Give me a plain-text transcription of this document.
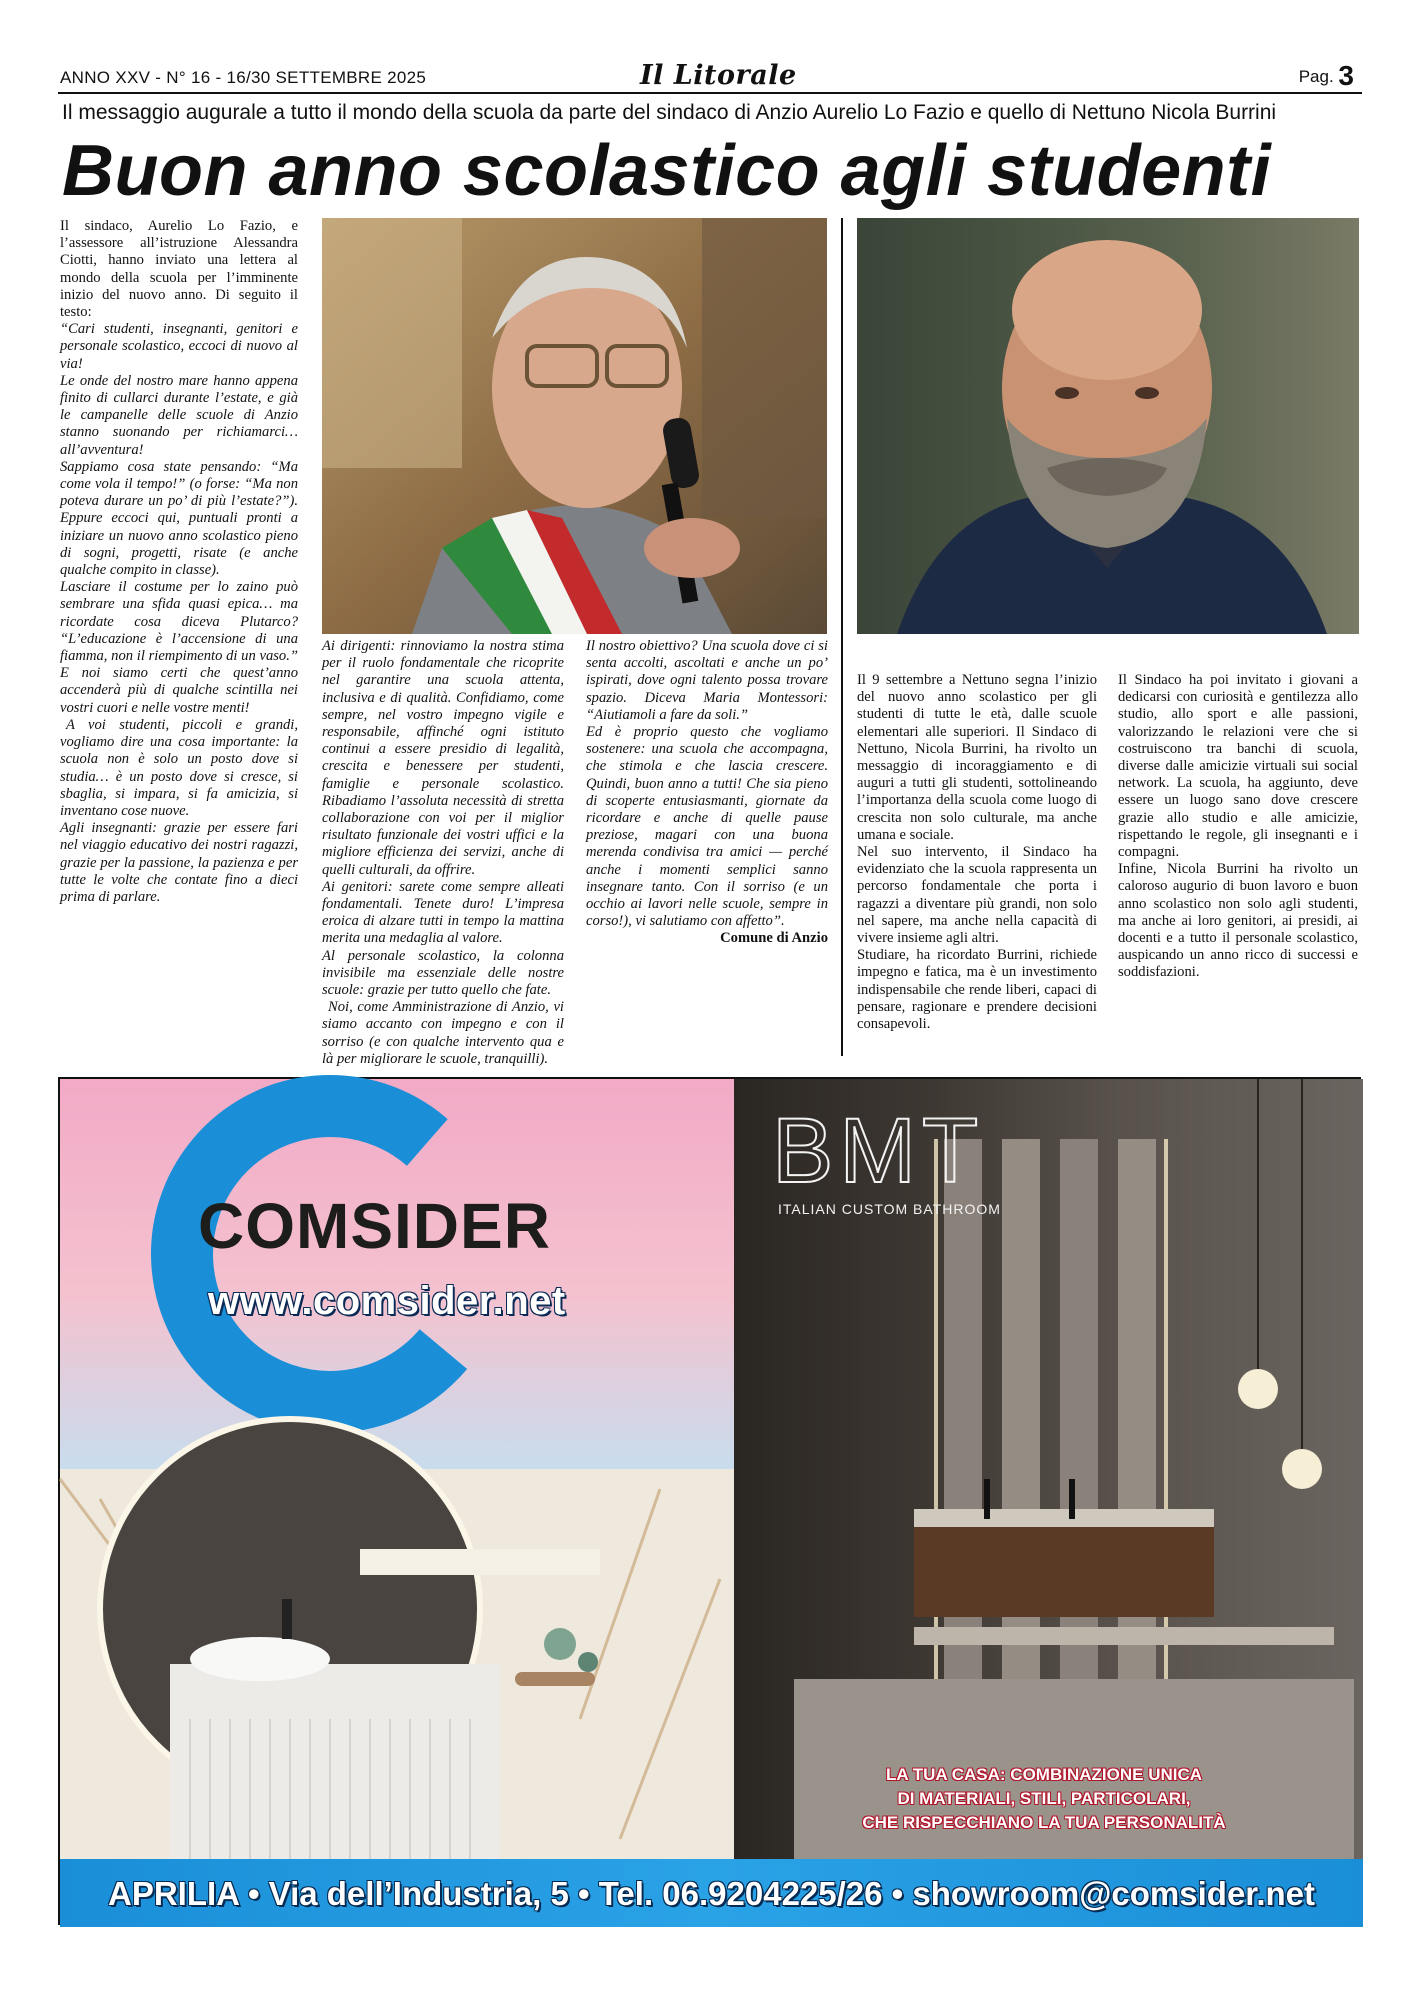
ANNO XXV - N° 16 - 16/30 SETTEMBRE 2025	Il Litorale	Pag. 3
Il messaggio augurale a tutto il mondo della scuola da parte del sindaco di Anzio Aurelio Lo Fazio e quello di Nettuno Nicola Burrini
Buon anno scolastico agli studenti

Il sindaco, Aurelio Lo Fazio, e l’assessore all’istruzione Alessandra Ciotti, hanno inviato una lettera al mondo della scuola per l’imminente inizio del nuovo anno. Di seguito il testo:

“Cari studenti, insegnanti, genitori e personale scolastico, eccoci di nuovo al via!

Le onde del nostro mare hanno appena finito di cullarci durante l’estate, e già le campanelle delle scuole di Anzio stanno suonando per richiamarci… all’avventura!

Sappiamo cosa state pensando: “Ma come vola il tempo!” (o forse: “Ma non poteva durare un po’ di più l’estate?”). Eppure eccoci qui, puntuali pronti a iniziare un nuovo anno scolastico pieno di sogni, progetti, risate (e anche qualche compito in classe).

Lasciare il costume per lo zaino può sembrare una sfida quasi epica… ma ricordate cosa diceva Plutarco? “L’educazione è l’accensione di una fiamma, non il riempimento di un vaso.” E noi siamo certi che quest’anno accenderà più di qualche scintilla nei vostri cuori e nelle vostre menti!

A voi studenti, piccoli e grandi, vogliamo dire una cosa importante: la scuola non è solo un posto dove si studia… è un posto dove si cresce, si sbaglia, si impara, si fa amicizia, si inventano cose nuove.

Agli insegnanti: grazie per essere fari nel viaggio educativo dei nostri ragazzi, grazie per la passione, la pazienza e per tutte le volte che contate fino a dieci prima di parlare.

Ai dirigenti: rinnoviamo la nostra stima per il ruolo fondamentale che ricoprite nel garantire una scuola attenta, inclusiva e di qualità. Confidiamo, come sempre, nel vostro impegno vigile e responsabile, affinché ogni istituto continui a essere presidio di legalità, crescita e benessere per studenti, famiglie e personale scolastico. Ribadiamo l’assoluta necessità di stretta collaborazione con voi per il miglior risultato funzionale dei vostri uffici e la migliore efficienza dei servizi, anche di quelli culturali, da offrire.

Ai genitori: sarete come sempre alleati fondamentali. Tenete duro! L’impresa eroica di alzare tutti in tempo la mattina merita una medaglia al valore.

Al personale scolastico, la colonna invisibile ma essenziale delle nostre scuole: grazie per tutto quello che fate.

Noi, come Amministrazione di Anzio, vi siamo accanto con impegno e con il sorriso (e con qualche intervento qua e là per migliorare le scuole, tranquilli).

Il nostro obiettivo? Una scuola dove ci si senta accolti, ascoltati e anche un po’ ispirati, dove ogni talento possa trovare spazio. Diceva Maria Montessori: “Aiutiamoli a fare da soli.”

Ed è proprio questo che vogliamo sostenere: una scuola che accompagna, che stimola e che lascia crescere. Quindi, buon anno a tutti! Che sia pieno di scoperte entusiasmanti, giornate da ricordare e anche di quelle pause preziose, magari con una buona merenda condivisa tra amici — perché anche i momenti semplici sanno insegnare tanto. Con il sorriso (e un occhio ai lavori nelle scuole, sempre in corso!), vi salutiamo con affetto”.

Comune di Anzio

Il 9 settembre a Nettuno segna l’inizio del nuovo anno scolastico per gli studenti di tutte le età, dalle scuole elementari alle superiori. Il Sindaco di Nettuno, Nicola Burrini, ha rivolto un messaggio di incoraggiamento e di auguri a tutti gli studenti, sottolineando l’importanza della scuola come luogo di crescita non solo culturale, ma anche umana e sociale.

Nel suo intervento, il Sindaco ha evidenziato che la scuola rappresenta un percorso fondamentale che porta i ragazzi a diventare più grandi, non solo nel sapere, ma anche nella capacità di vivere insieme agli altri.

Studiare, ha ricordato Burrini, richiede impegno e fatica, ma è un investimento indispensabile che rende liberi, capaci di pensare, ragionare e prendere decisioni consapevoli.

Il Sindaco ha poi invitato i giovani a dedicarsi con curiosità e gentilezza allo studio, allo sport e alle passioni, valorizzando le relazioni vere che si costruiscono tra banchi di scuola, diverse dalle amicizie virtuali sui social network. La scuola, ha aggiunto, deve essere un luogo sano dove crescere grazie allo studio e alle amicizie, rispettando le regole, gli insegnanti e i compagni.

Infine, Nicola Burrini ha rivolto un caloroso augurio di buon lavoro e buon anno scolastico non solo agli studenti, ma anche ai loro genitori, ai presidi, ai docenti e a tutto il personale scolastico, auspicando un anno ricco di successi e soddisfazioni.

COMSIDER
www.comsider.net
BMT
ITALIAN CUSTOM BATHROOM
LA TUA CASA: COMBINAZIONE UNICA
DI MATERIALI, STILI, PARTICOLARI,
CHE RISPECCHIANO LA TUA PERSONALITÀ
APRILIA • Via dell’Industria, 5 • Tel. 06.9204225/26 • showroom@comsider.net
